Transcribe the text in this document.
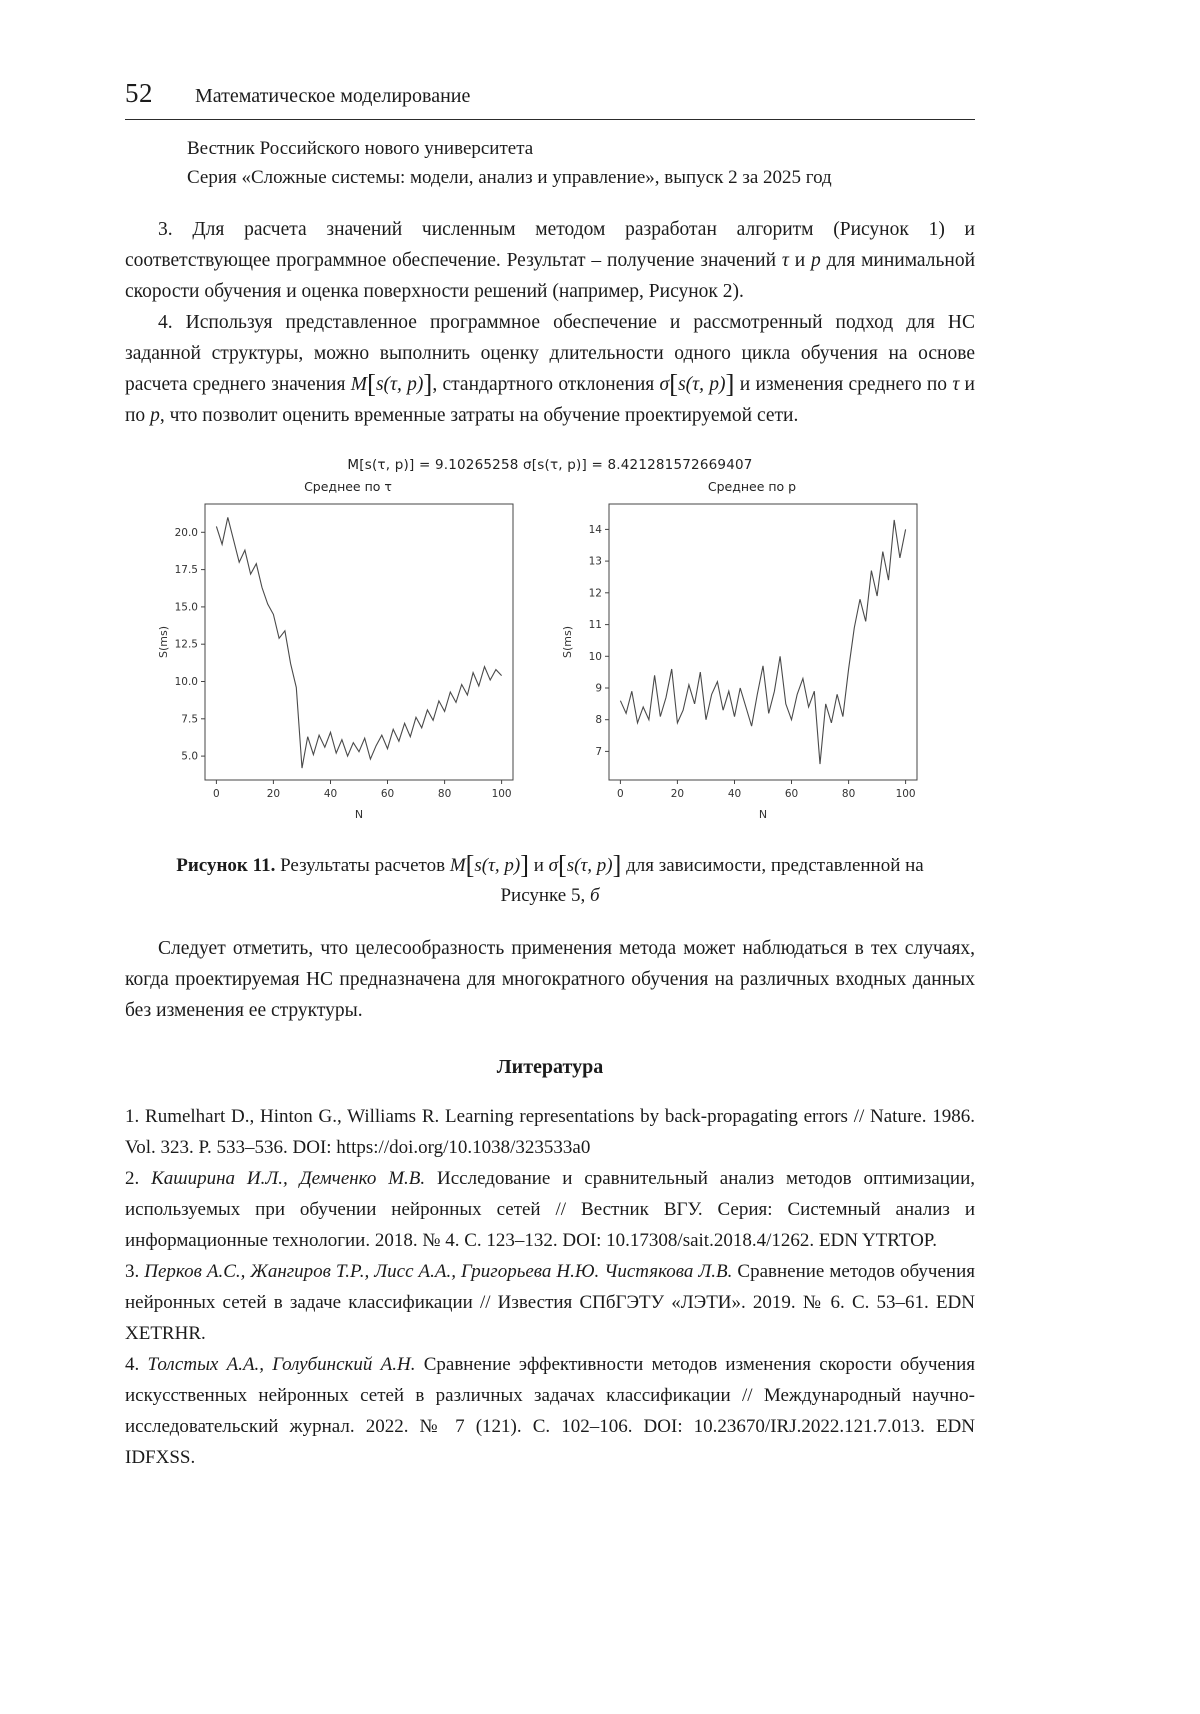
52 Математическое моделирование
Вестник Российского нового университета
Серия «Сложные системы: модели, анализ и управление», выпуск 2 за 2025 год

3. Для расчета значений численным методом разработан алгоритм (Рисунок 1) и соответствующее программное обеспечение. Результат – получение значений τ и p для минимальной скорости обучения и оценка поверхности решений (например, Рисунок 2).

4. Используя представленное программное обеспечение и рассмотренный подход для НС заданной структуры, можно выполнить оценку длительности одного цикла обучения на основе расчета среднего значения M[s(τ, p)], стандартного отклонения σ[s(τ, p)] и изменения среднего по τ и по p, что позволит оценить временные затраты на обучение проектируемой сети.

M[s(τ, p)] = 9.10265258 σ[s(τ, p)] = 8.421281572669407
Среднее по τ
5.0
7.5
10.0
12.5
15.0
17.5
20.0
0	20	40	60	80	100
S(ms)
N
Среднее по p
7
8
9
10
11
12
13
14
0	20	40	60	80	100
S(ms)
N
Рисунок 11. Результаты расчетов M[s(τ, p)] и σ[s(τ, p)] для зависимости, представленной на Рисунке 5, б

Следует отметить, что целесообразность применения метода может наблюдаться в тех случаях, когда проектируемая НС предназначена для многократного обучения на различных входных данных без изменения ее структуры.

Литература

1. Rumelhart D., Hinton G., Williams R. Learning representations by back-propagating errors // Nature. 1986. Vol. 323. P. 533–536. DOI: https://doi.org/10.1038/323533a0

2. Каширина И.Л., Демченко М.В. Исследование и сравнительный анализ методов оптимизации, используемых при обучении нейронных сетей // Вестник ВГУ. Серия: Системный анализ и информационные технологии. 2018. № 4. С. 123–132. DOI: 10.17308/sait.2018.4/1262. EDN YTRTOP.

3. Перков А.С., Жангиров Т.Р., Лисс А.А., Григорьева Н.Ю. Чистякова Л.В. Сравнение методов обучения нейронных сетей в задаче классификации // Известия СПбГЭТУ «ЛЭТИ». 2019. № 6. С. 53–61. EDN XETRHR.

4. Толстых А.А., Голубинский А.Н. Сравнение эффективности методов изменения скорости обучения искусственных нейронных сетей в различных задачах классификации // Международный научно-исследовательский журнал. 2022. № 7 (121). С. 102–106. DOI: 10.23670/IRJ.2022.121.7.013. EDN IDFXSS.
